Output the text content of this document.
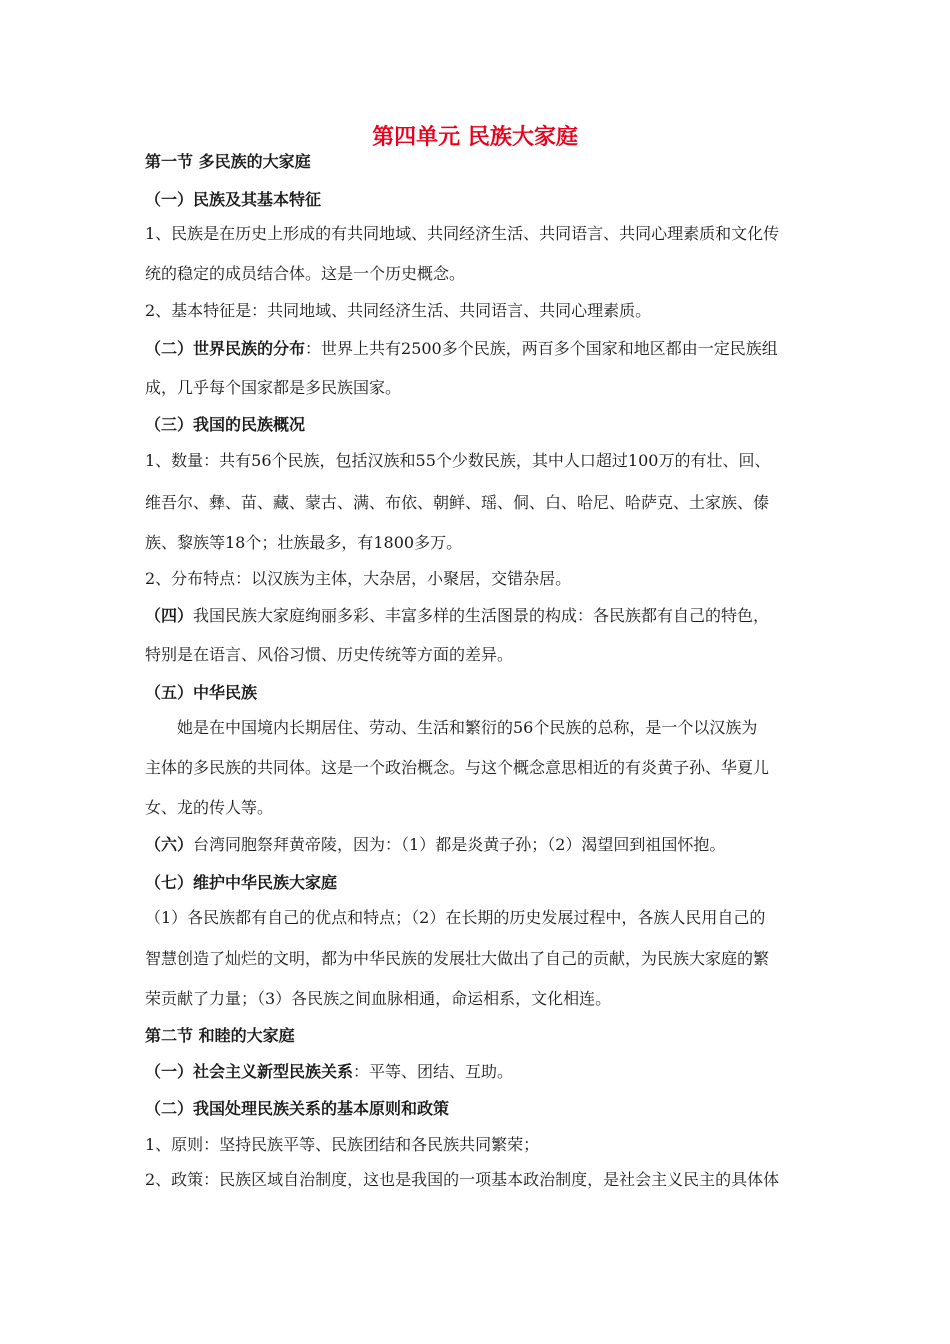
第四单元 民族大家庭
第一节 多民族的大家庭
（一）民族及其基本特征
1、民族是在历史上形成的有共同地域、共同经济生活、共同语言、共同心理素质和文化传
统的稳定的成员结合体。这是一个历史概念。
2、基本特征是：共同地域、共同经济生活、共同语言、共同心理素质。
（二）世界民族的分布：世界上共有2500多个民族，两百多个国家和地区都由一定民族组
成，几乎每个国家都是多民族国家。
（三）我国的民族概况
1、数量：共有56个民族，包括汉族和55个少数民族，其中人口超过100万的有壮、回、
维吾尔、彝、苗、藏、蒙古、满、布依、朝鲜、瑶、侗、白、哈尼、哈萨克、土家族、傣
族、黎族等18个；壮族最多，有1800多万。
2、分布特点：以汉族为主体，大杂居，小聚居，交错杂居。
（四）我国民族大家庭绚丽多彩、丰富多样的生活图景的构成：各民族都有自己的特色，
特别是在语言、风俗习惯、历史传统等方面的差异。
（五）中华民族
她是在中国境内长期居住、劳动、生活和繁衍的56个民族的总称，是一个以汉族为
主体的多民族的共同体。这是一个政治概念。与这个概念意思相近的有炎黄子孙、华夏儿
女、龙的传人等。
（六）台湾同胞祭拜黄帝陵，因为：（1）都是炎黄子孙；（2）渴望回到祖国怀抱。
（七）维护中华民族大家庭
（1）各民族都有自己的优点和特点；（2）在长期的历史发展过程中，各族人民用自己的
智慧创造了灿烂的文明，都为中华民族的发展壮大做出了自己的贡献，为民族大家庭的繁
荣贡献了力量；（3）各民族之间血脉相通，命运相系，文化相连。
第二节 和睦的大家庭
（一）社会主义新型民族关系：平等、团结、互助。
（二）我国处理民族关系的基本原则和政策
1、原则：坚持民族平等、民族团结和各民族共同繁荣；
2、政策：民族区域自治制度，这也是我国的一项基本政治制度，是社会主义民主的具体体
